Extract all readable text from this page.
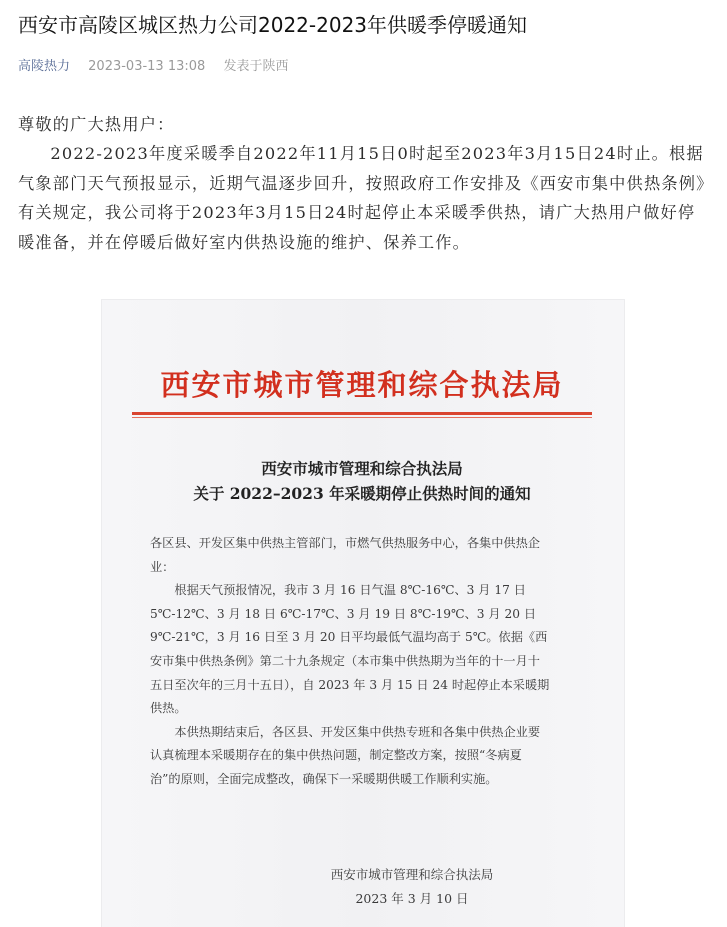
西安市高陵区城区热力公司2022-2023年供暖季停暖通知
高陵热力 2023-03-13 13:08 发表于陕西

尊敬的广大热用户：

2022-2023年度采暖季自2022年11月15日0时起至2023年3月15日24时止。根据气象部门天气预报显示，近期气温逐步回升，按照政府工作安排及《西安市集中供热条例》有关规定，我公司将于2023年3月15日24时起停止本采暖季供热，请广大热用户做好停暖准备，并在停暖后做好室内供热设施的维护、保养工作。

西安市城市管理和综合执法局
西安市城市管理和综合执法局
关于 2022–2023 年采暖期停止供热时间的通知

各区县、开发区集中供热主管部门，市燃气供热服务中心，各集中供热企业：

根据天气预报情况，我市 3 月 16 日气温 8℃-16℃、3 月 17 日 5℃-12℃、3 月 18 日 6℃-17℃、3 月 19 日 8℃-19℃、3 月 20 日 9℃-21℃，3 月 16 日至 3 月 20 日平均最低气温均高于 5℃。依据《西安市集中供热条例》第二十九条规定（本市集中供热期为当年的十一月十五日至次年的三月十五日），自 2023 年 3 月 15 日 24 时起停止本采暖期供热。

本供热期结束后，各区县、开发区集中供热专班和各集中供热企业要认真梳理本采暖期存在的集中供热问题，制定整改方案，按照“冬病夏治”的原则，全面完成整改，确保下一采暖期供暖工作顺利实施。

西安市城市管理和综合执法局
2023 年 3 月 10 日
